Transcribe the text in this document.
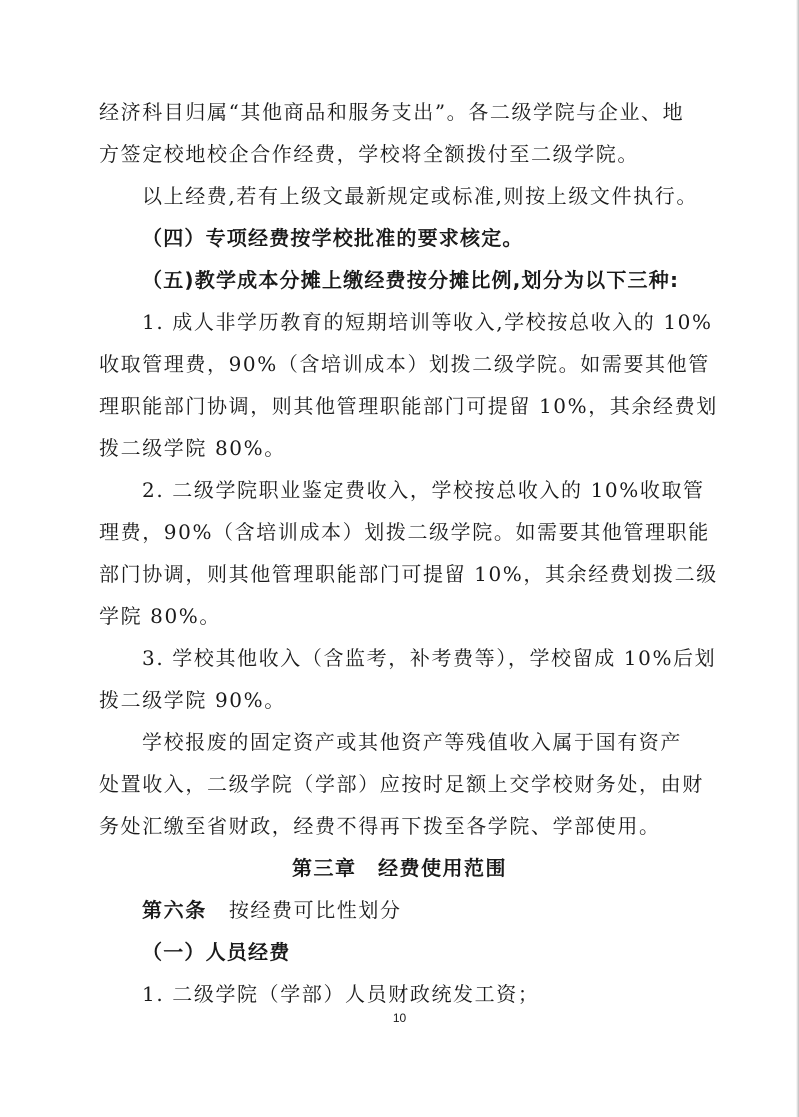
经济科目归属“其他商品和服务支出”。各二级学院与企业、地
方签定校地校企合作经费，学校将全额拨付至二级学院。
以上经费,若有上级文最新规定或标准,则按上级文件执行。
（四）专项经费按学校批准的要求核定。
（五)教学成本分摊上缴经费按分摊比例,划分为以下三种:
1. 成人非学历教育的短期培训等收入,学校按总收入的 10%
收取管理费，90%（含培训成本）划拨二级学院。如需要其他管
理职能部门协调，则其他管理职能部门可提留 10%，其余经费划
拨二级学院 80%。
2. 二级学院职业鉴定费收入，学校按总收入的 10%收取管
理费，90%（含培训成本）划拨二级学院。如需要其他管理职能
部门协调，则其他管理职能部门可提留 10%，其余经费划拨二级
学院 80%。
3. 学校其他收入（含监考，补考费等），学校留成 10%后划
拨二级学院 90%。
学校报废的固定资产或其他资产等残值收入属于国有资产
处置收入，二级学院（学部）应按时足额上交学校财务处，由财
务处汇缴至省财政，经费不得再下拨至各学院、学部使用。
第三章　经费使用范围
第六条 按经费可比性划分
（一）人员经费
1. 二级学院（学部）人员财政统发工资；
10
